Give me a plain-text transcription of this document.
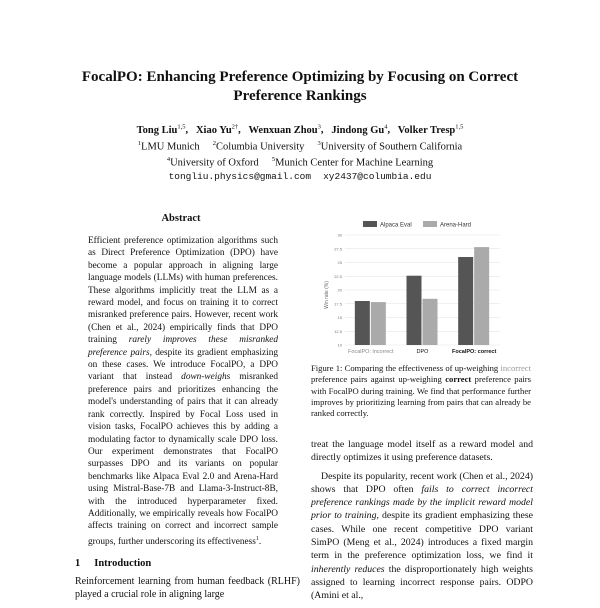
FocalPO: Enhancing Preference Optimizing by Focusing on Correct
Preference Rankings
Tong Liu$^{1,5}$,   Xiao $Yu^{2\dagger}$,   Wenxuan Zhou$^3$,   Jindong Gu$^4$,   Volker Tresp$^{1,5}$
$^1$LMU Munich $^2$Columbia University $^3$University of Southern California
$^4$University of Oxford $^5$Munich Center for Machine Learning
tongliu.physics@gmail.com xy2437@columbia.edu
Abstract
Efficient preference optimization algorithms such as Direct Preference Optimization (DPO) have become a popular approach in aligning large language models (LLMs) with human preferences. These algorithms implicitly treat the LLM as a reward model, and focus on training it to correct misranked preference pairs. However, recent work (Chen et al., 2024) empirically finds that DPO training rarely improves these misranked preference pairs, despite its gradient emphasizing on these cases. We introduce FocalPO, a DPO variant that instead down-weighs misranked preference pairs and prioritizes enhancing the model's understanding of pairs that it can already rank correctly. Inspired by Focal Loss used in vision tasks, FocalPO achieves this by adding a modulating factor to dynamically scale DPO loss. Our experiment demonstrates that FocalPO surpasses DPO and its variants on popular benchmarks like Alpaca Eval 2.0 and Arena-Hard using Mistral-Base-7B and Llama-3-Instruct-8B, with the introduced hyperparameter fixed. Additionally, we empirically reveals how FocalPO affects training on correct and incorrect sample groups, further underscoring its effectiveness$^1$.
1 Introduction
Reinforcement learning from human feedback (RLHF) played a crucial role in aligning large
Alpaca Eval	Arena-Hard
Win rate (%)
10
12.5
15
17.5
20
22.5
25
27.5
30
FocalPO: incorrect	DPO	FocalPO: correct
Figure 1: Comparing the effectiveness of up-weighing incorrect preference pairs against up-weighing correct preference pairs with FocalPO during training. We find that performance further improves by prioritizing learning from pairs that can already be ranked correctly.

treat the language model itself as a reward model and directly optimizes it using preference datasets.

Despite its popularity, recent work (Chen et al., 2024) shows that DPO often fails to correct incorrect preference rankings made by the implicit reward model prior to training, despite its gradient emphasizing these cases. While one recent competitive DPO variant SimPO (Meng et al., 2024) introduces a fixed margin term in the preference optimization loss, we find it inherently reduces the disproportionately high weights assigned to learning incorrect response pairs. ODPO (Amini et al.,
